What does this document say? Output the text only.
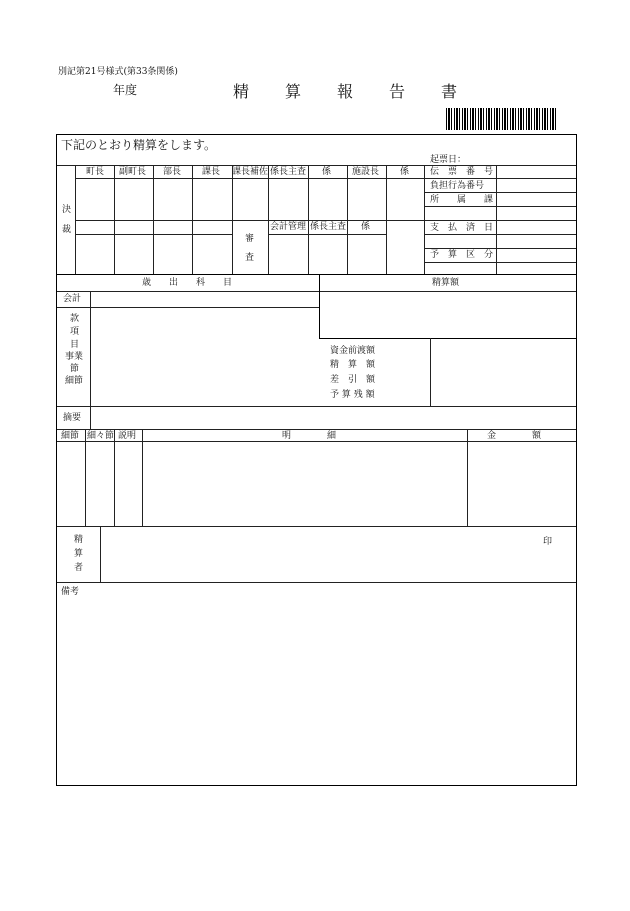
別記第21号様式(第33条関係)
年度	精　算　報　告　書
下記のとおり精算をします。
起票日：
決
裁
町長 副町長 部長 課長 課長補佐 係長主査 係 施設長 係
審
査
会計管理 係長主査 係
伝　票　番　号
負担行為番号
所　　属　　課
支　払　済　日
予　算　区　分
歳　　出　　科　　目	精算額
会計
款
項
目
事業
節
細節
資金前渡額
精　算　額
差　引　額
予 算 残 額
摘要
細節 細々節 説明	明　　　　細	金　　　　額
精
算
者
印
備考
